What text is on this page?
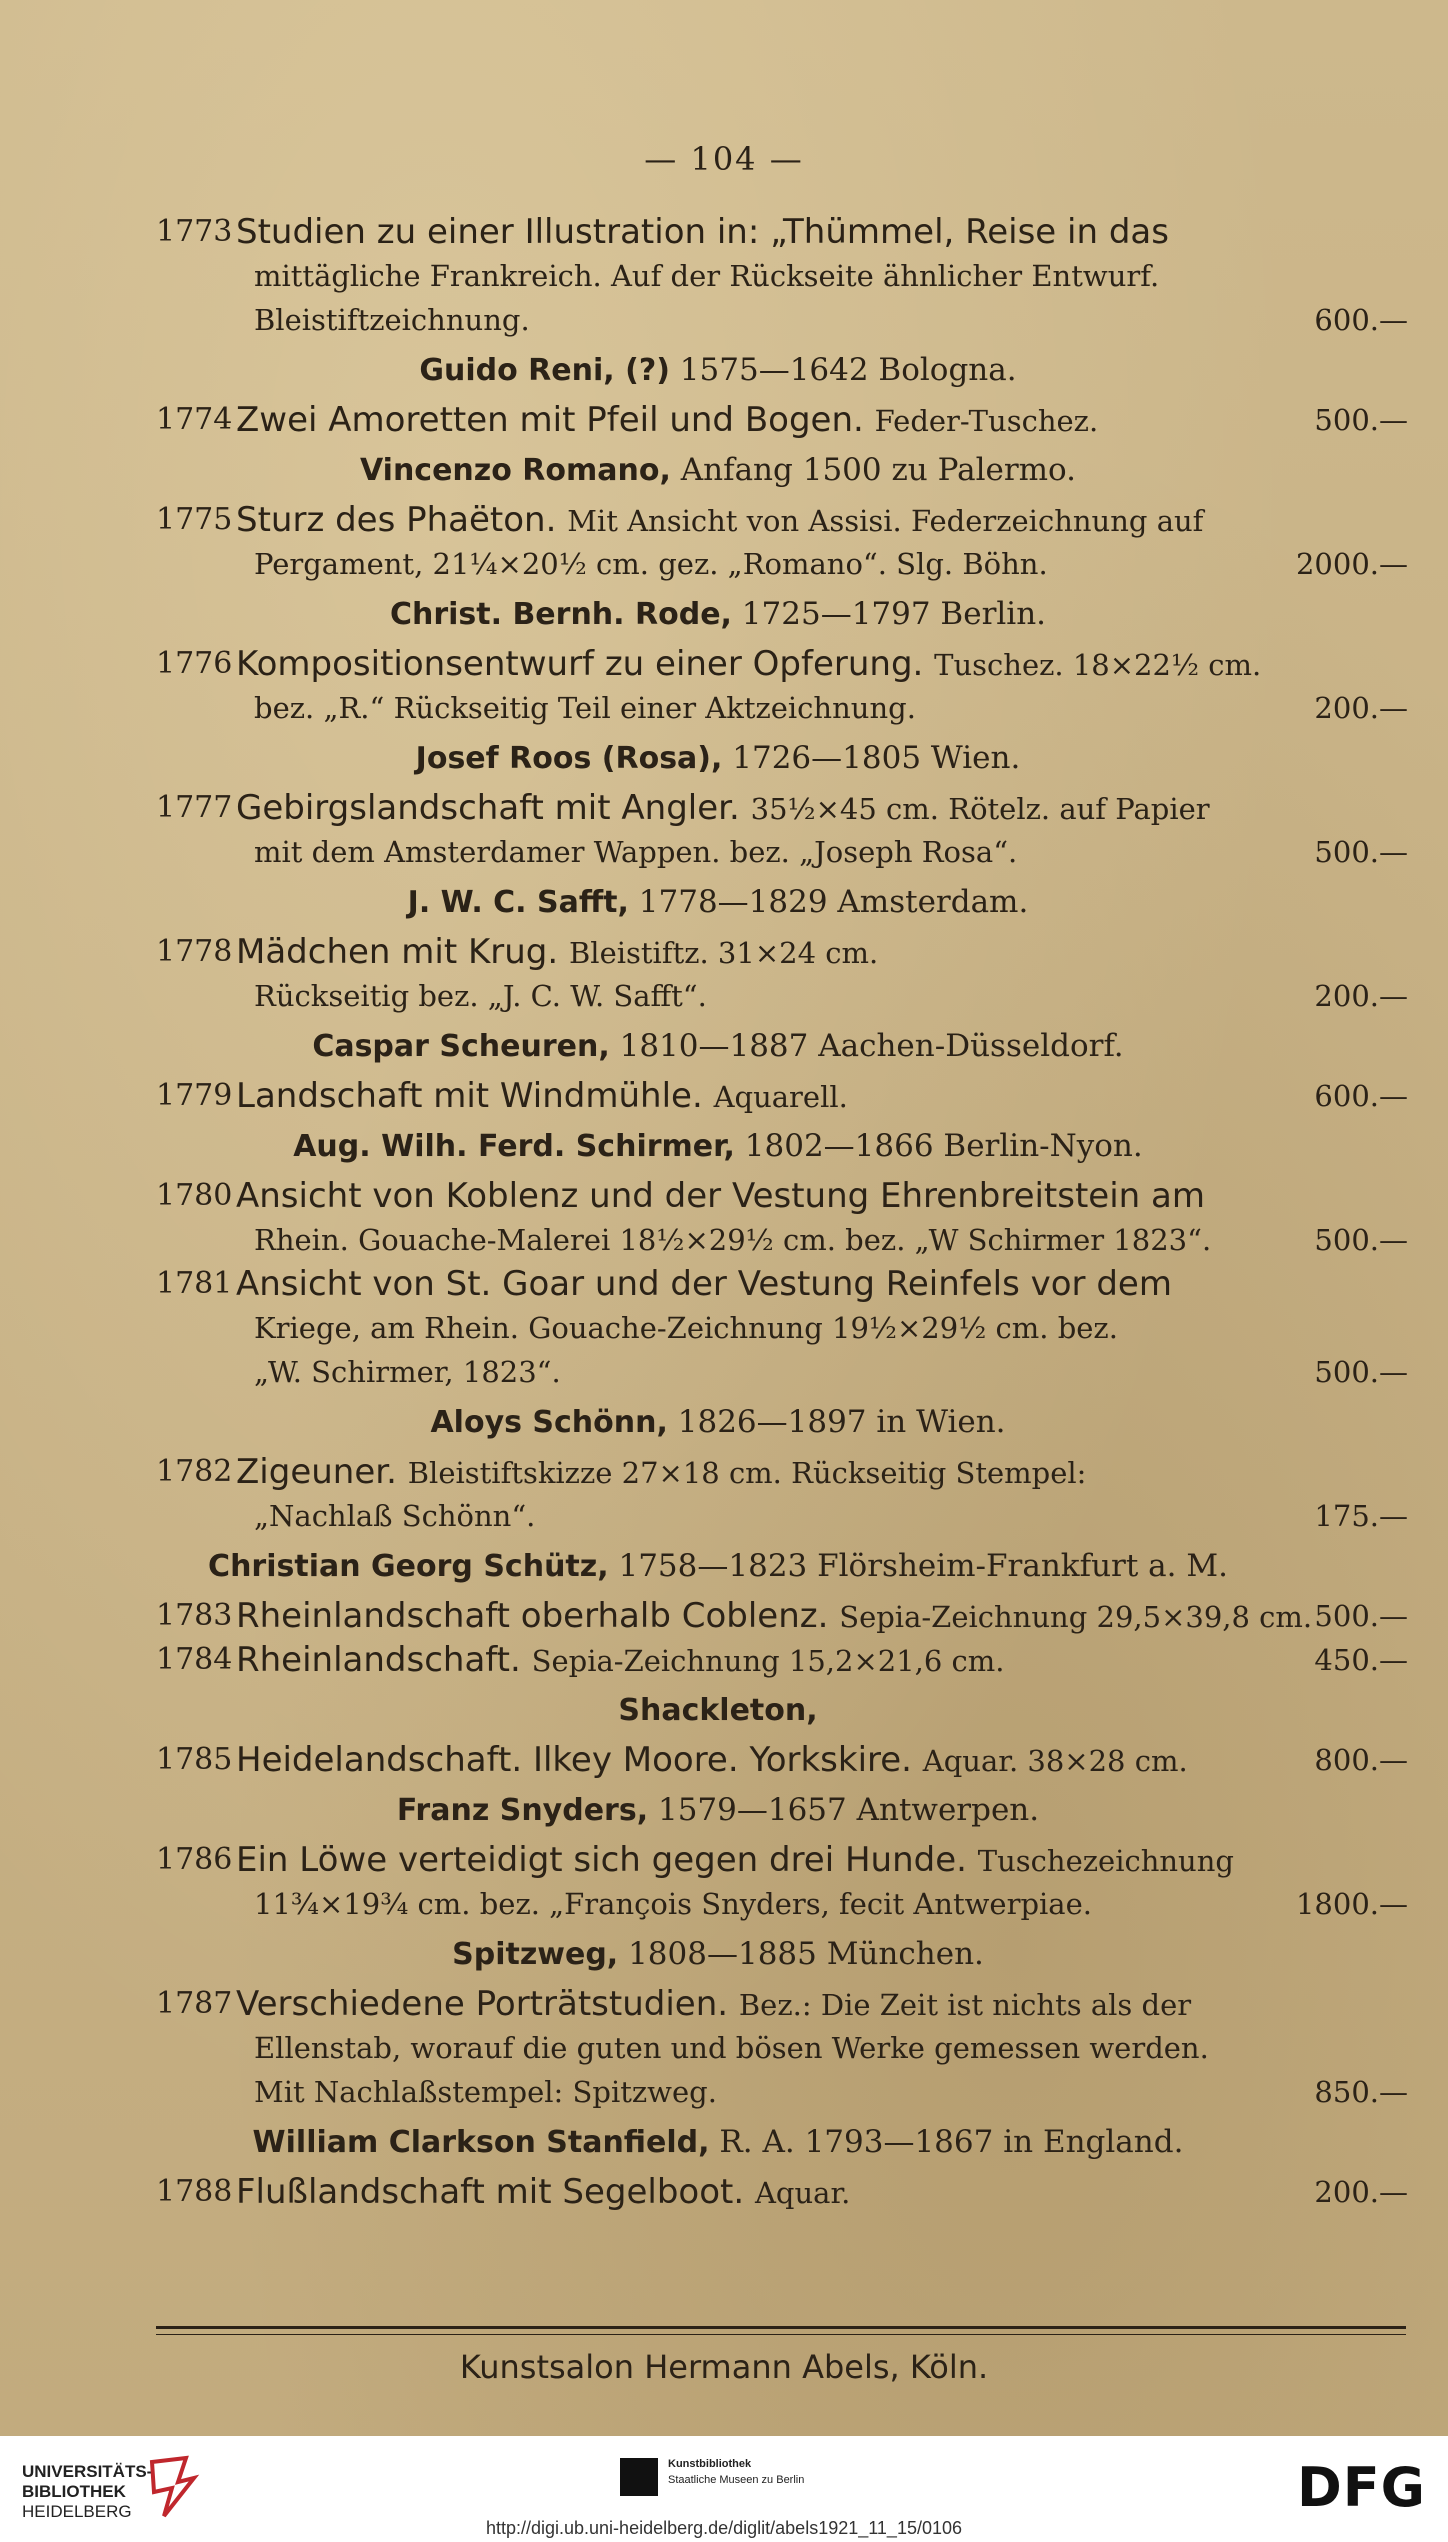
— 104 —
1773 Studien zu einer Illustration in: „Thümmel, Reise in das
mittägliche Frankreich. Auf der Rückseite ähnlicher Entwurf.
Bleistiftzeichnung.	600.—
Guido Reni, (?) 1575—1642 Bologna.
1774 Zwei Amoretten mit Pfeil und Bogen. Feder-Tuschez.	500.—
Vincenzo Romano, Anfang 1500 zu Palermo.
1775 Sturz des Phaëton. Mit Ansicht von Assisi. Federzeichnung auf
Pergament, 21¼×20½ cm. gez. „Romano“. Slg. Böhn.	2000.—
Christ. Bernh. Rode, 1725—1797 Berlin.
1776 Kompositionsentwurf zu einer Opferung. Tuschez. 18×22½ cm.
bez. „R.“ Rückseitig Teil einer Aktzeichnung.	200.—
Josef Roos (Rosa), 1726—1805 Wien.
1777 Gebirgslandschaft mit Angler. 35½×45 cm. Rötelz. auf Papier
mit dem Amsterdamer Wappen. bez. „Joseph Rosa“.	500.—
J. W. C. Safft, 1778—1829 Amsterdam.
1778 Mädchen mit Krug. Bleistiftz. 31×24 cm.
Rückseitig bez. „J. C. W. Safft“.	200.—
Caspar Scheuren, 1810—1887 Aachen-Düsseldorf.
1779 Landschaft mit Windmühle. Aquarell.	600.—
Aug. Wilh. Ferd. Schirmer, 1802—1866 Berlin-Nyon.
1780 Ansicht von Koblenz und der Vestung Ehrenbreitstein am
Rhein. Gouache-Malerei 18½×29½ cm. bez. „W Schirmer 1823“.	500.—
1781 Ansicht von St. Goar und der Vestung Reinfels vor dem
Kriege, am Rhein. Gouache-Zeichnung 19½×29½ cm. bez.
„W. Schirmer, 1823“.	500.—
Aloys Schönn, 1826—1897 in Wien.
1782 Zigeuner. Bleistiftskizze 27×18 cm. Rückseitig Stempel:
„Nachlaß Schönn“.	175.—
Christian Georg Schütz, 1758—1823 Flörsheim-Frankfurt a. M.
1783 Rheinlandschaft oberhalb Coblenz. Sepia-Zeichnung 29,5×39,8 cm. 500.—
1784 Rheinlandschaft. Sepia-Zeichnung 15,2×21,6 cm.	450.—
Shackleton,
1785 Heidelandschaft. Ilkey Moore. Yorkskire. Aquar. 38×28 cm.	800.—
Franz Snyders, 1579—1657 Antwerpen.
1786 Ein Löwe verteidigt sich gegen drei Hunde. Tuschezeichnung
11¾×19¾ cm. bez. „François Snyders, fecit Antwerpiae.	1800.—
Spitzweg, 1808—1885 München.
1787 Verschiedene Porträtstudien. Bez.: Die Zeit ist nichts als der
Ellenstab, worauf die guten und bösen Werke gemessen werden.
Mit Nachlaßstempel: Spitzweg.	850.—
William Clarkson Stanfield, R. A. 1793—1867 in England.
1788 Flußlandschaft mit Segelboot. Aquar.	200.—
Kunstsalon Hermann Abels, Köln.
UNIVERSITÄTS-
BIBLIOTHEK
HEIDELBERG
Kunstbibliothek
Staatliche Museen zu Berlin	DFG
http://digi.ub.uni-heidelberg.de/diglit/abels1921_11_15/0106
